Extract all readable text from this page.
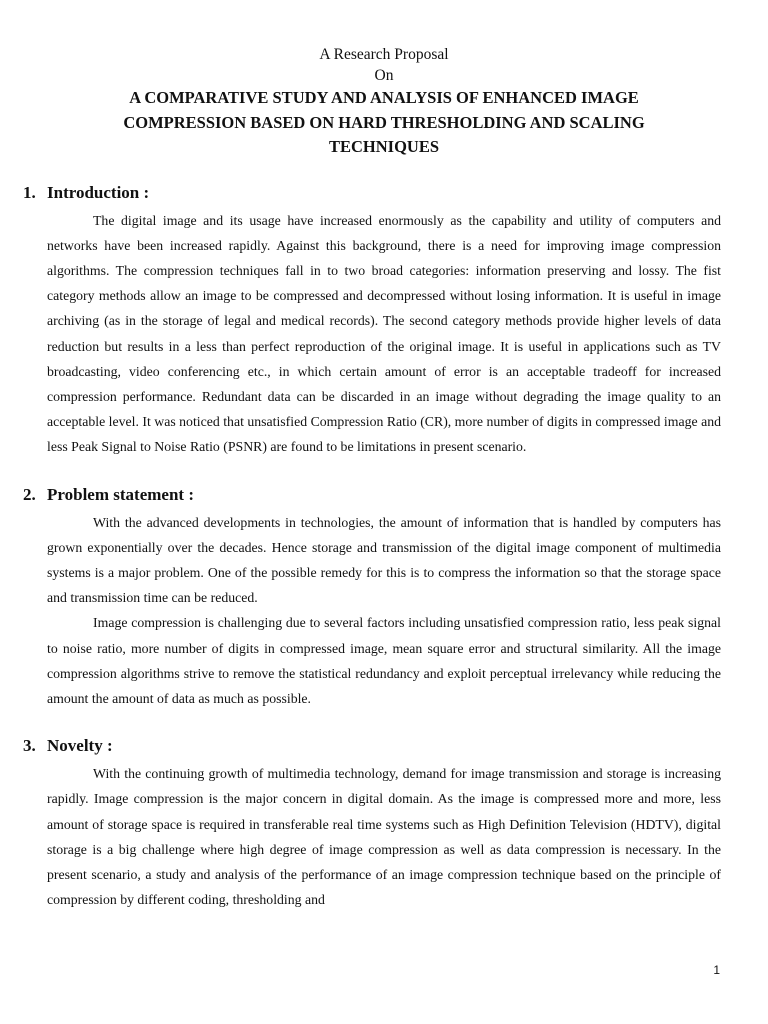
A Research Proposal
On
A COMPARATIVE STUDY AND ANALYSIS OF ENHANCED IMAGE
COMPRESSION BASED ON HARD THRESHOLDING AND SCALING
TECHNIQUES
1. Introduction :

The digital image and its usage have increased enormously as the capability and utility of computers and networks have been increased rapidly. Against this background, there is a need for improving image compression algorithms. The compression techniques fall in to two broad categories: information preserving and lossy. The fist category methods allow an image to be compressed and decompressed without losing information. It is useful in image archiving (as in the storage of legal and medical records). The second category methods provide higher levels of data reduction but results in a less than perfect reproduction of the original image. It is useful in applications such as TV broadcasting, video conferencing etc., in which certain amount of error is an acceptable tradeoff for increased compression performance. Redundant data can be discarded in an image without degrading the image quality to an acceptable level. It was noticed that unsatisfied Compression Ratio (CR), more number of digits in compressed image and less Peak Signal to Noise Ratio (PSNR) are found to be limitations in present scenario.

2. Problem statement :

With the advanced developments in technologies, the amount of information that is handled by computers has grown exponentially over the decades. Hence storage and transmission of the digital image component of multimedia systems is a major problem. One of the possible remedy for this is to compress the information so that the storage space and transmission time can be reduced.

Image compression is challenging due to several factors including unsatisfied compression ratio, less peak signal to noise ratio, more number of digits in compressed image, mean square error and structural similarity. All the image compression algorithms strive to remove the statistical redundancy and exploit perceptual irrelevancy while reducing the amount the amount of data as much as possible.

3. Novelty :

With the continuing growth of multimedia technology, demand for image transmission and storage is increasing rapidly. Image compression is the major concern in digital domain. As the image is compressed more and more, less amount of storage space is required in transferable real time systems such as High Definition Television (HDTV), digital storage is a big challenge where high degree of image compression as well as data compression is necessary. In the present scenario, a study and analysis of the performance of an image compression technique based on the principle of compression by different coding, thresholding and

1
